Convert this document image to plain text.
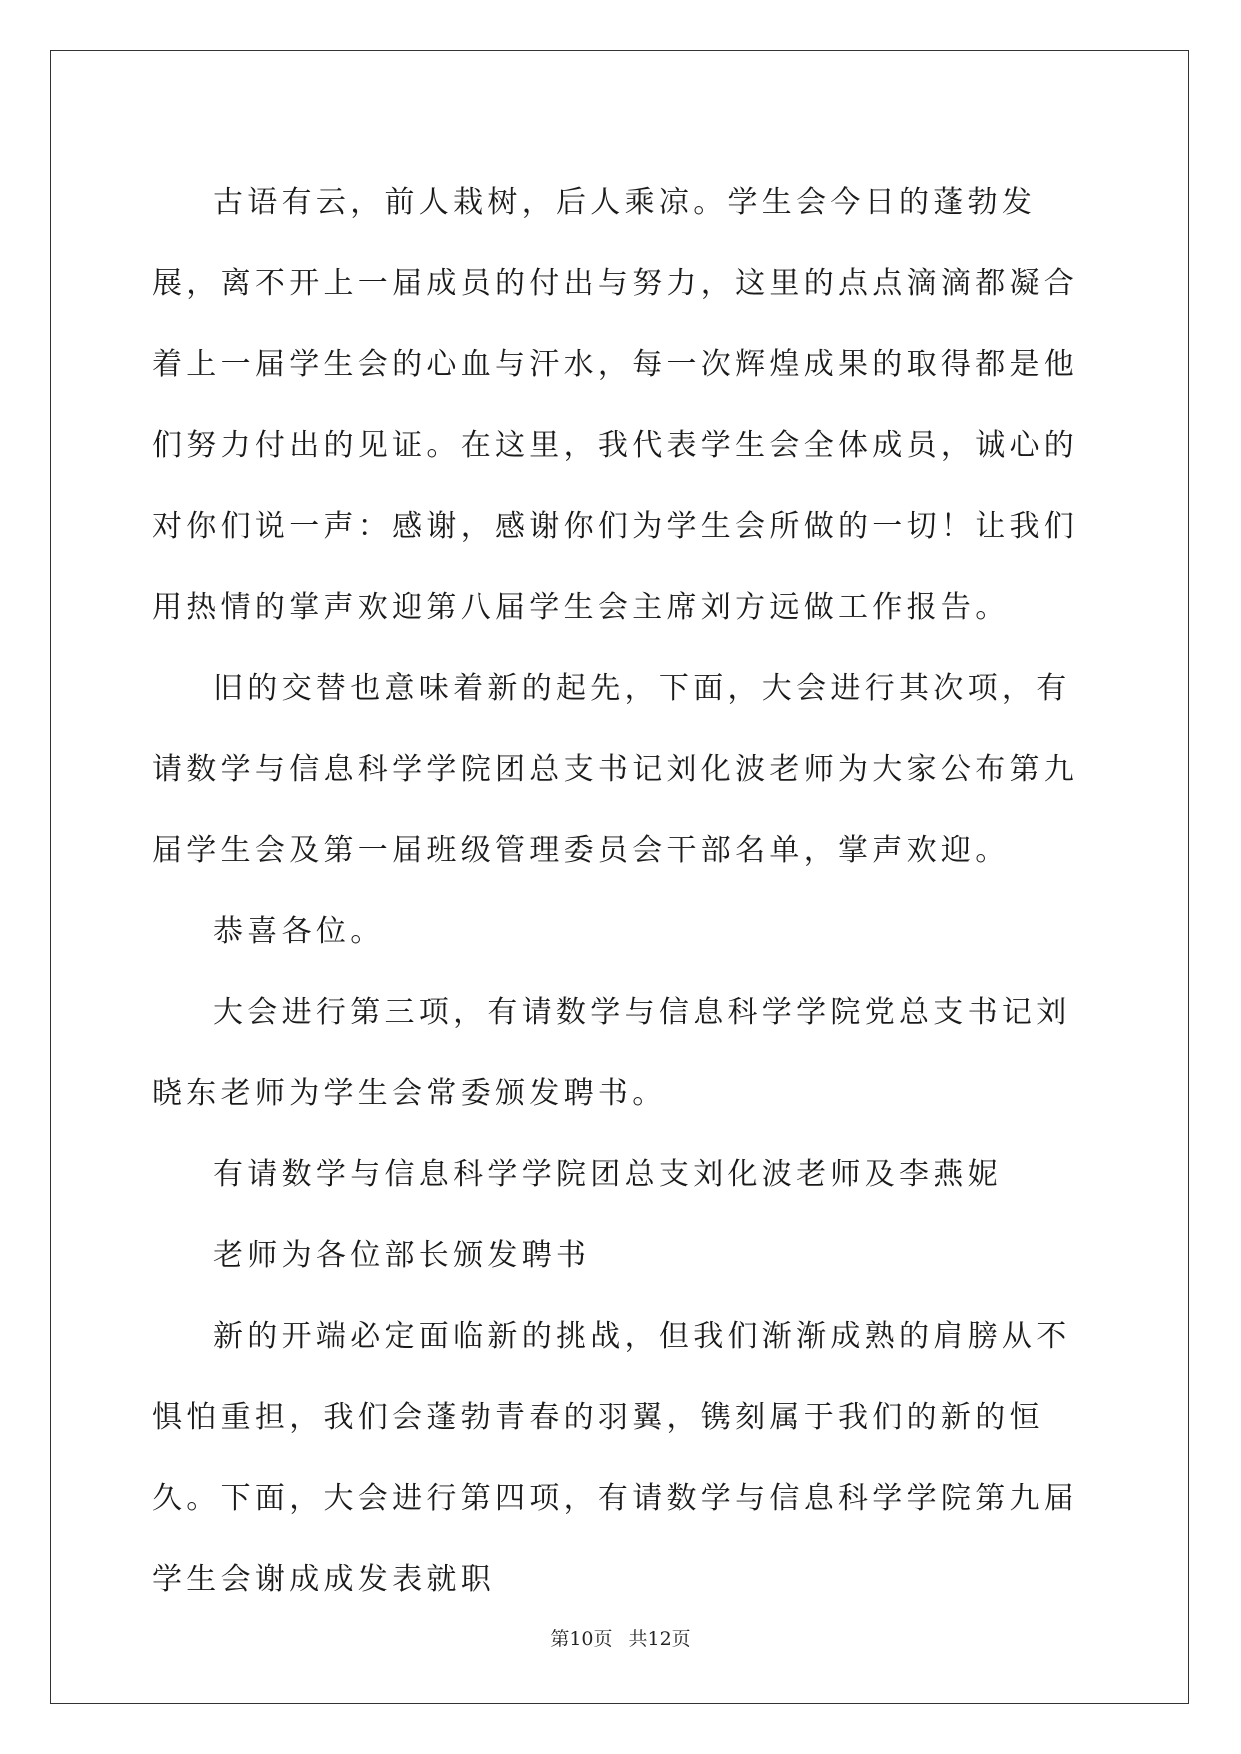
古语有云，前人栽树，后人乘凉。学生会今日的蓬勃发展，离不开上一届成员的付出与努力，这里的点点滴滴都凝合着上一届学生会的心血与汗水，每一次辉煌成果的取得都是他们努力付出的见证。在这里，我代表学生会全体成员，诚心的对你们说一声：感谢，感谢你们为学生会所做的一切！让我们用热情的掌声欢迎第八届学生会主席刘方远做工作报告。

旧的交替也意味着新的起先，下面，大会进行其次项，有请数学与信息科学学院团总支书记刘化波老师为大家公布第九届学生会及第一届班级管理委员会干部名单，掌声欢迎。

恭喜各位。

大会进行第三项，有请数学与信息科学学院党总支书记刘晓东老师为学生会常委颁发聘书。

有请数学与信息科学学院团总支刘化波老师及李燕妮

老师为各位部长颁发聘书

新的开端必定面临新的挑战，但我们渐渐成熟的肩膀从不惧怕重担，我们会蓬勃青春的羽翼，镌刻属于我们的新的恒久。下面，大会进行第四项，有请数学与信息科学学院第九届学生会谢成成发表就职

第10页 共12页
